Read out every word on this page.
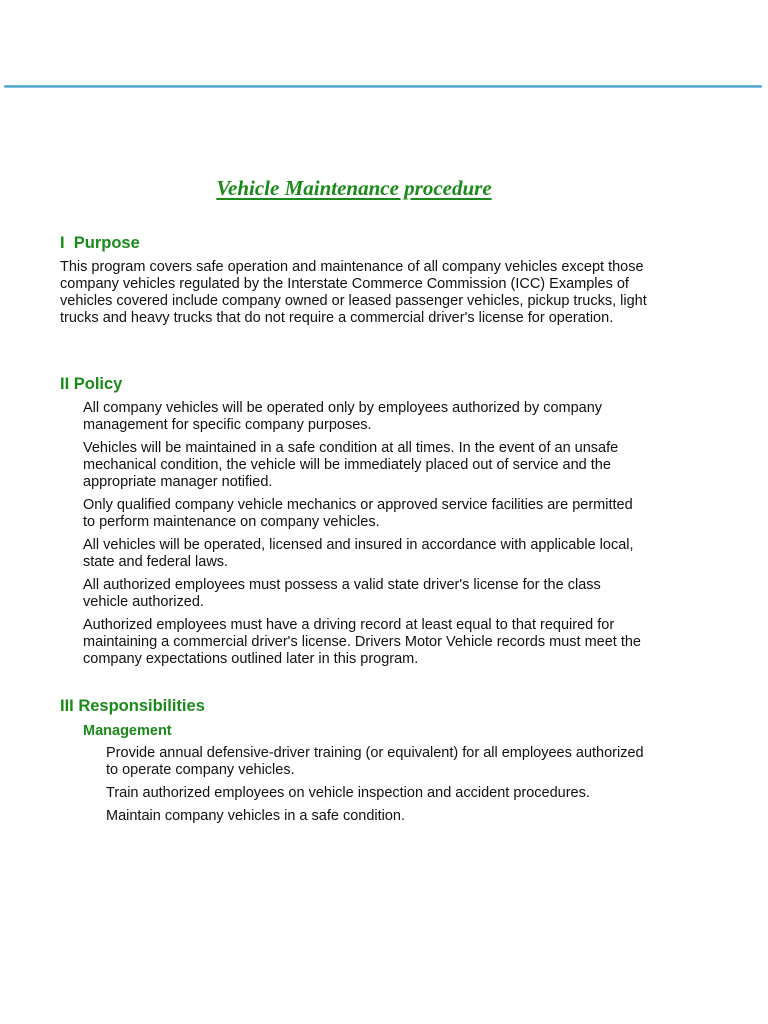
Vehicle Maintenance procedure
I  Purpose

This program covers safe operation and maintenance of all company vehicles except those company vehicles regulated by the Interstate Commerce Commission (ICC) Examples of vehicles covered include company owned or leased passenger vehicles, pickup trucks, light trucks and heavy trucks that do not require a commercial driver's license for operation.

II Policy
All company vehicles will be operated only by employees authorized by company management for specific company purposes.
Vehicles will be maintained in a safe condition at all times. In the event of an unsafe mechanical condition, the vehicle will be immediately placed out of service and the appropriate manager notified.
Only qualified company vehicle mechanics or approved service facilities are permitted to perform maintenance on company vehicles.
All vehicles will be operated, licensed and insured in accordance with applicable local, state and federal laws.
All authorized employees must possess a valid state driver's license for the class vehicle authorized.
Authorized employees must have a driving record at least equal to that required for maintaining a commercial driver's license. Drivers Motor Vehicle records must meet the company expectations outlined later in this program.
III Responsibilities
Management
Provide annual defensive-driver training (or equivalent) for all employees authorized to operate company vehicles.
Train authorized employees on vehicle inspection and accident procedures.
Maintain company vehicles in a safe condition.
